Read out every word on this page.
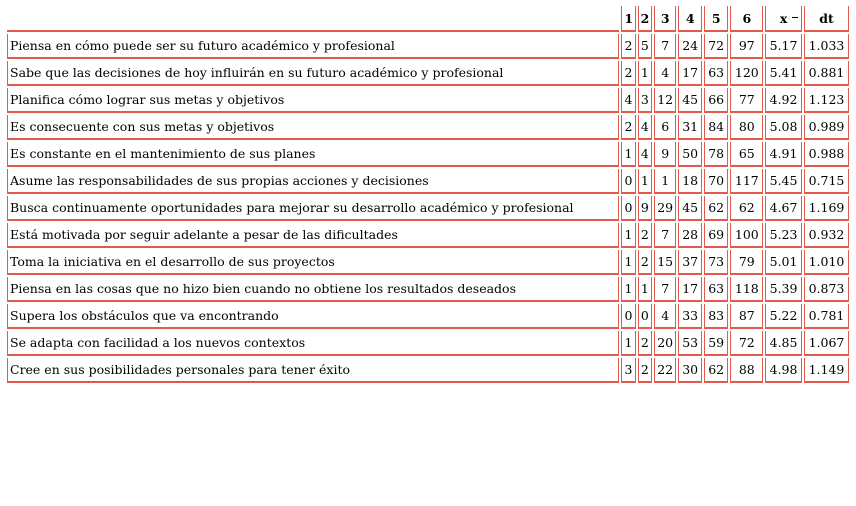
	1	2	3	4	5	6	x	dt
Piensa en cómo puede ser su futuro académico y profesional	2	5	7	24	72	97	5.17	1.033
Sabe que las decisiones de hoy influirán en su futuro académico y profesional	2	1	4	17	63	120	5.41	0.881
Planifica cómo lograr sus metas y objetivos	4	3	12	45	66	77	4.92	1.123
Es consecuente con sus metas y objetivos	2	4	6	31	84	80	5.08	0.989
Es constante en el mantenimiento de sus planes	1	4	9	50	78	65	4.91	0.988
Asume las responsabilidades de sus propias acciones y decisiones	0	1	1	18	70	117	5.45	0.715
Busca continuamente oportunidades para mejorar su desarrollo académico y profesional	0	9	29	45	62	62	4.67	1.169
Está motivada por seguir adelante a pesar de las dificultades	1	2	7	28	69	100	5.23	0.932
Toma la iniciativa en el desarrollo de sus proyectos	1	2	15	37	73	79	5.01	1.010
Piensa en las cosas que no hizo bien cuando no obtiene los resultados deseados	1	1	7	17	63	118	5.39	0.873
Supera los obstáculos que va encontrando	0	0	4	33	83	87	5.22	0.781
Se adapta con facilidad a los nuevos contextos	1	2	20	53	59	72	4.85	1.067
Cree en sus posibilidades personales para tener éxito	3	2	22	30	62	88	4.98	1.149
